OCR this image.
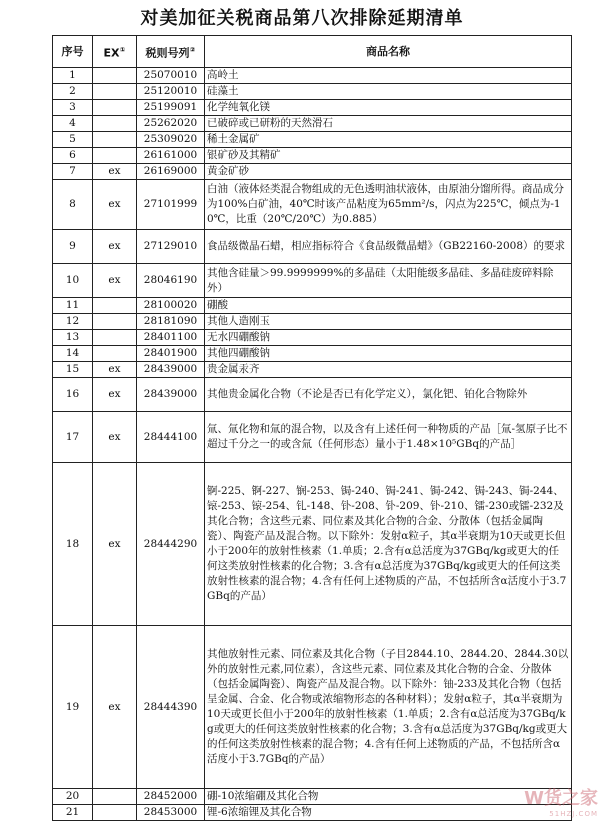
对美加征关税商品第八次排除延期清单
序号	EX①	税则号列②	商品名称
1		25070010	高岭土
2		25120010	硅藻土
3		25199091	化学纯氧化镁
4		25262020	已破碎或已研粉的天然滑石
5		25309020	稀土金属矿
6		26161000	银矿砂及其精矿
7	ex	26169000	黄金矿砂
8	ex	27101999	白油（液体烃类混合物组成的无色透明油状液体，由原油分馏所得。商品成分为100%白矿油，40℃时该产品粘度为65mm²/s，闪点为225℃，倾点为-10℃，比重（20℃/20℃）为0.885）
9	ex	27129010	食品级微晶石蜡，相应指标符合《食品级微晶蜡》（GB22160-2008）的要求
10	ex	28046190	其他含硅量＞99.9999999%的多晶硅（太阳能级多晶硅、多晶硅废碎料除外）
11		28100020	硼酸
12		28181090	其他人造刚玉
13		28401100	无水四硼酸钠
14		28401900	其他四硼酸钠
15	ex	28439000	贵金属汞齐
16	ex	28439000	其他贵金属化合物（不论是否已有化学定义），氯化钯、铂化合物除外
17	ex	28444100	氚、氚化物和氚的混合物，以及含有上述任何一种物质的产品［氚-氢原子比不超过千分之一的或含氚（任何形态）量小于1.48×10⁵GBq的产品］
18	ex	28444290	锕-225、锕-227、锎-253、锔-240、锔-241、锔-242、锔-243、锔-244、锿-253、锿-254、钆-148、钋-208、钋-209、钋-210、镭-230或镭-232及其化合物；含这些元素、同位素及其化合物的合金、分散体（包括金属陶瓷）、陶瓷产品及混合物。以下除外：发射α粒子，其α半衰期为10天或更长但小于200年的放射性核素（1.单质；2.含有α总活度为37GBq/kg或更大的任何这类放射性核素的化合物；3.含有α总活度为37GBq/kg或更大的任何这类放射性核素的混合物；4.含有任何上述物质的产品，不包括所含α活度小于3.7GBq的产品）
19	ex	28444390	其他放射性元素、同位素及其化合物（子目2844.10、2844.20、2844.30以外的放射性元素,同位素），含这些元素、同位素及其化合物的合金、分散体（包括金属陶瓷）、陶瓷产品及混合物。以下除外：铀-233及其化合物（包括呈金属、合金、化合物或浓缩物形态的各种材料）；发射α粒子，其α半衰期为10天或更长但小于200年的放射性核素（1.单质；2.含有α总活度为37GBq/kg或更大的任何这类放射性核素的化合物；3.含有α总活度为37GBq/kg或更大的任何这类放射性核素的混合物；4.含有任何上述物质的产品，不包括所含α活度小于3.7GBq的产品）
20		28452000	硼-10浓缩硼及其化合物
21		28453000	锂-6浓缩锂及其化合物
W货之家
51HZJ.COM
